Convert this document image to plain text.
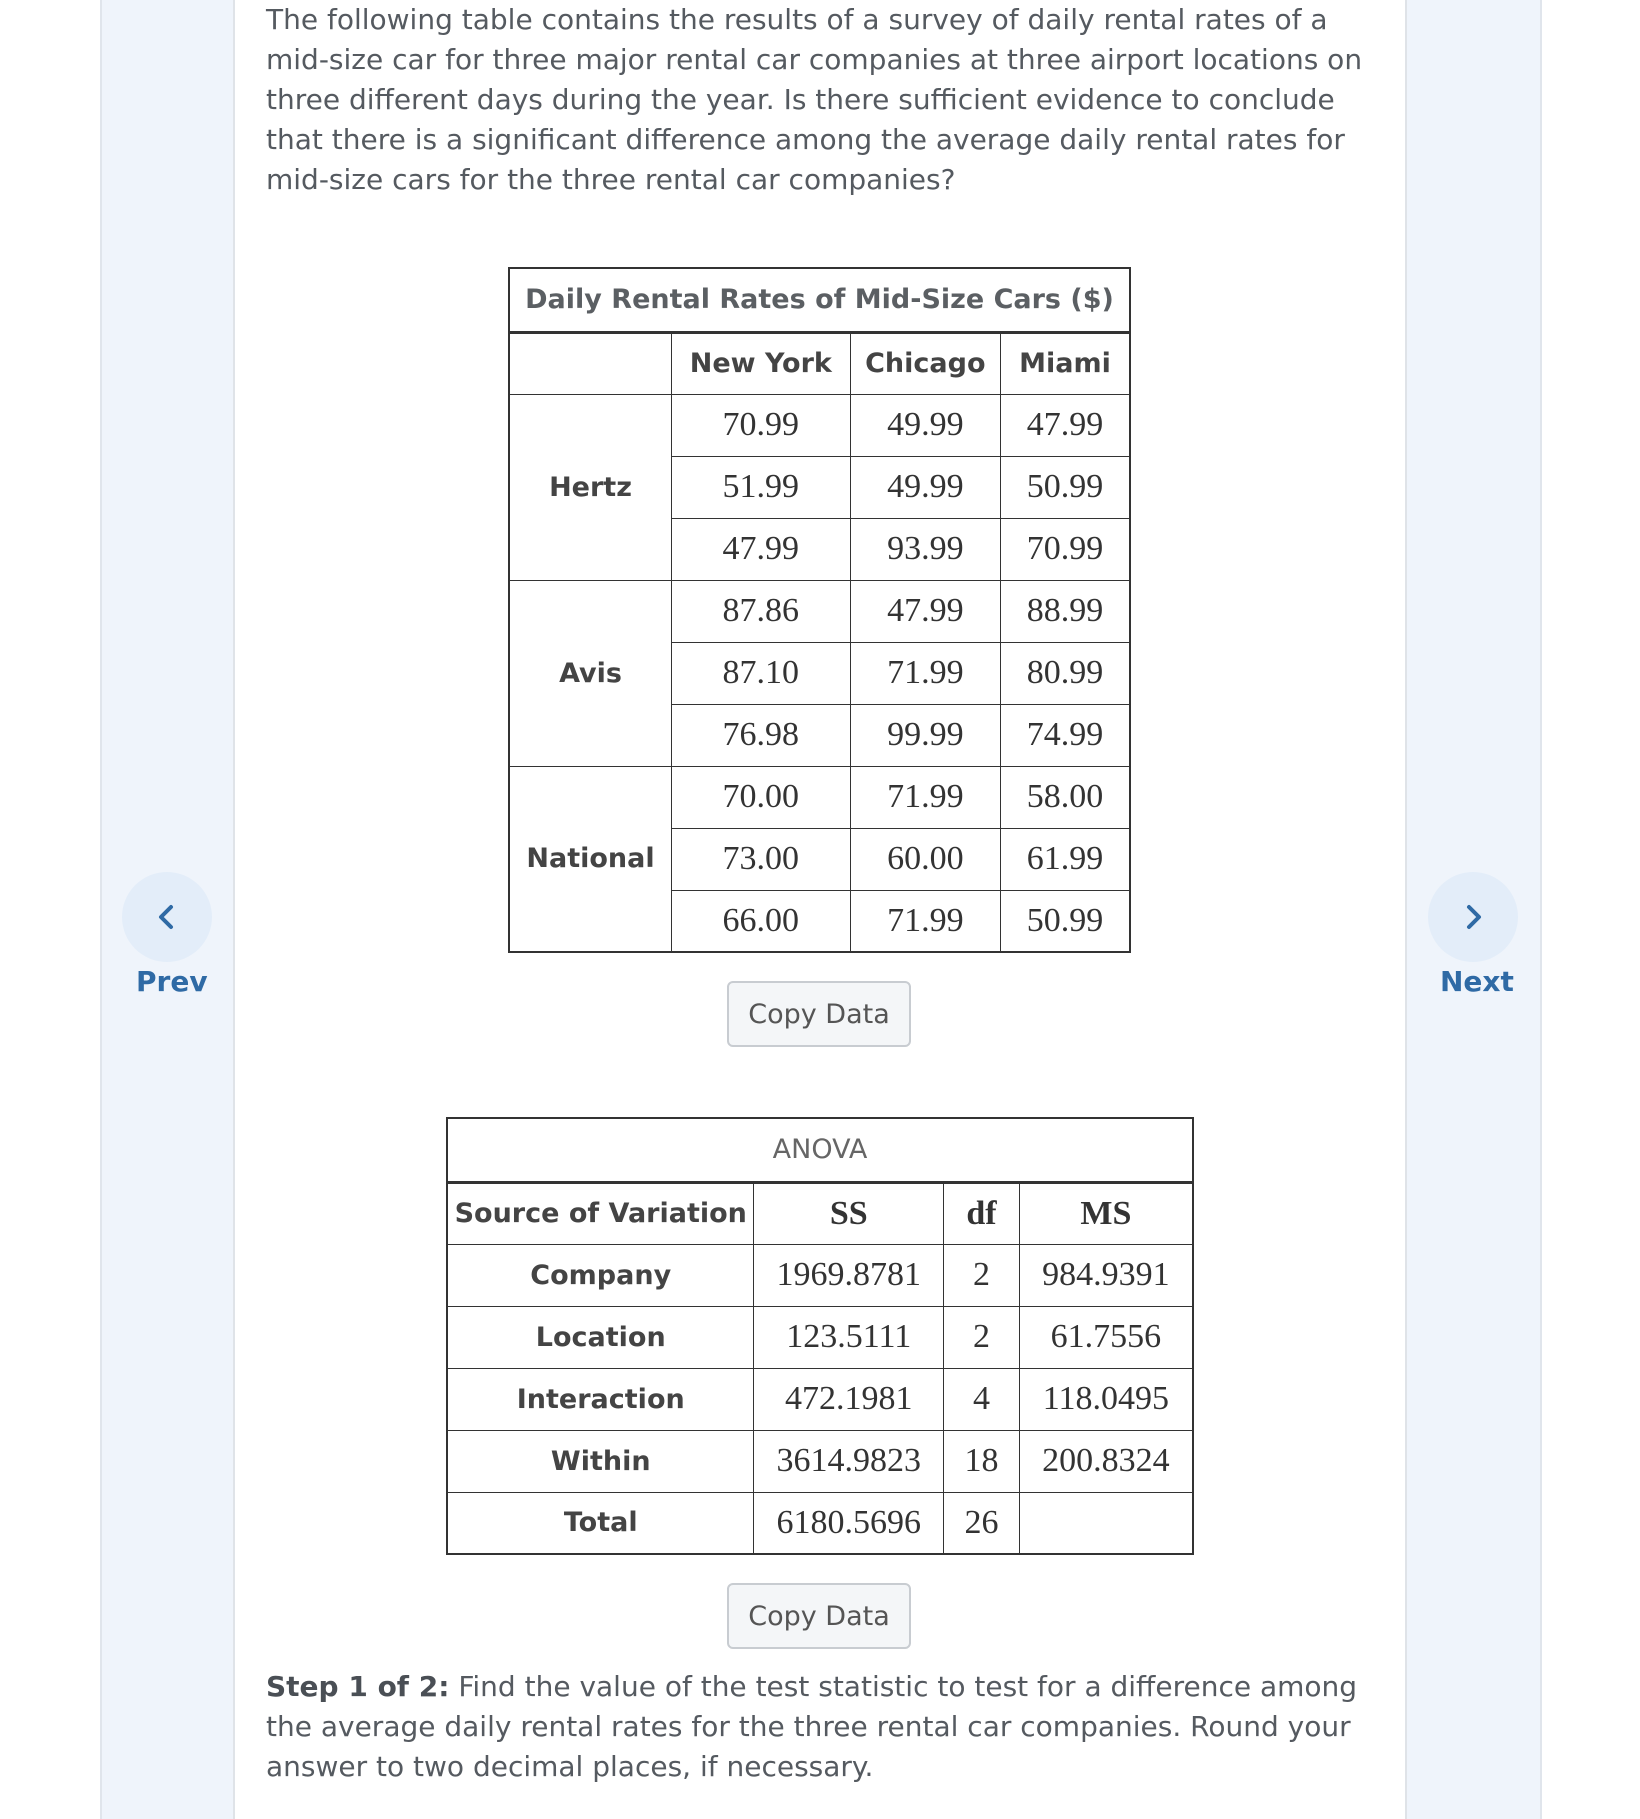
The following table contains the results of a survey of daily rental rates of a mid-size car for three major rental car companies at three airport locations on three different days during the year. Is there sufficient evidence to conclude that there is a significant difference among the average daily rental rates for mid-size cars for the three rental car companies?

Daily Rental Rates of Mid-Size Cars ($)			
	New York	Chicago	Miami
Hertz	70.99	49.99	47.99
	51.99	49.99	50.99
	47.99	93.99	70.99
Avis	87.86	47.99	88.99
	87.10	71.99	80.99
	76.98	99.99	74.99
National	70.00	71.99	58.00
	73.00	60.00	61.99
	66.00	71.99	50.99
Copy Data
ANOVA			
Source of Variation	SS	df	MS
Company	1969.8781	2	984.9391
Location	123.5111	2	61.7556
Interaction	472.1981	4	118.0495
Within	3614.9823	18	200.8324
Total	6180.5696	26	
Copy Data

Step 1 of 2: Find the value of the test statistic to test for a difference among the average daily rental rates for the three rental car companies. Round your answer to two decimal places, if necessary.

Prev	Next
